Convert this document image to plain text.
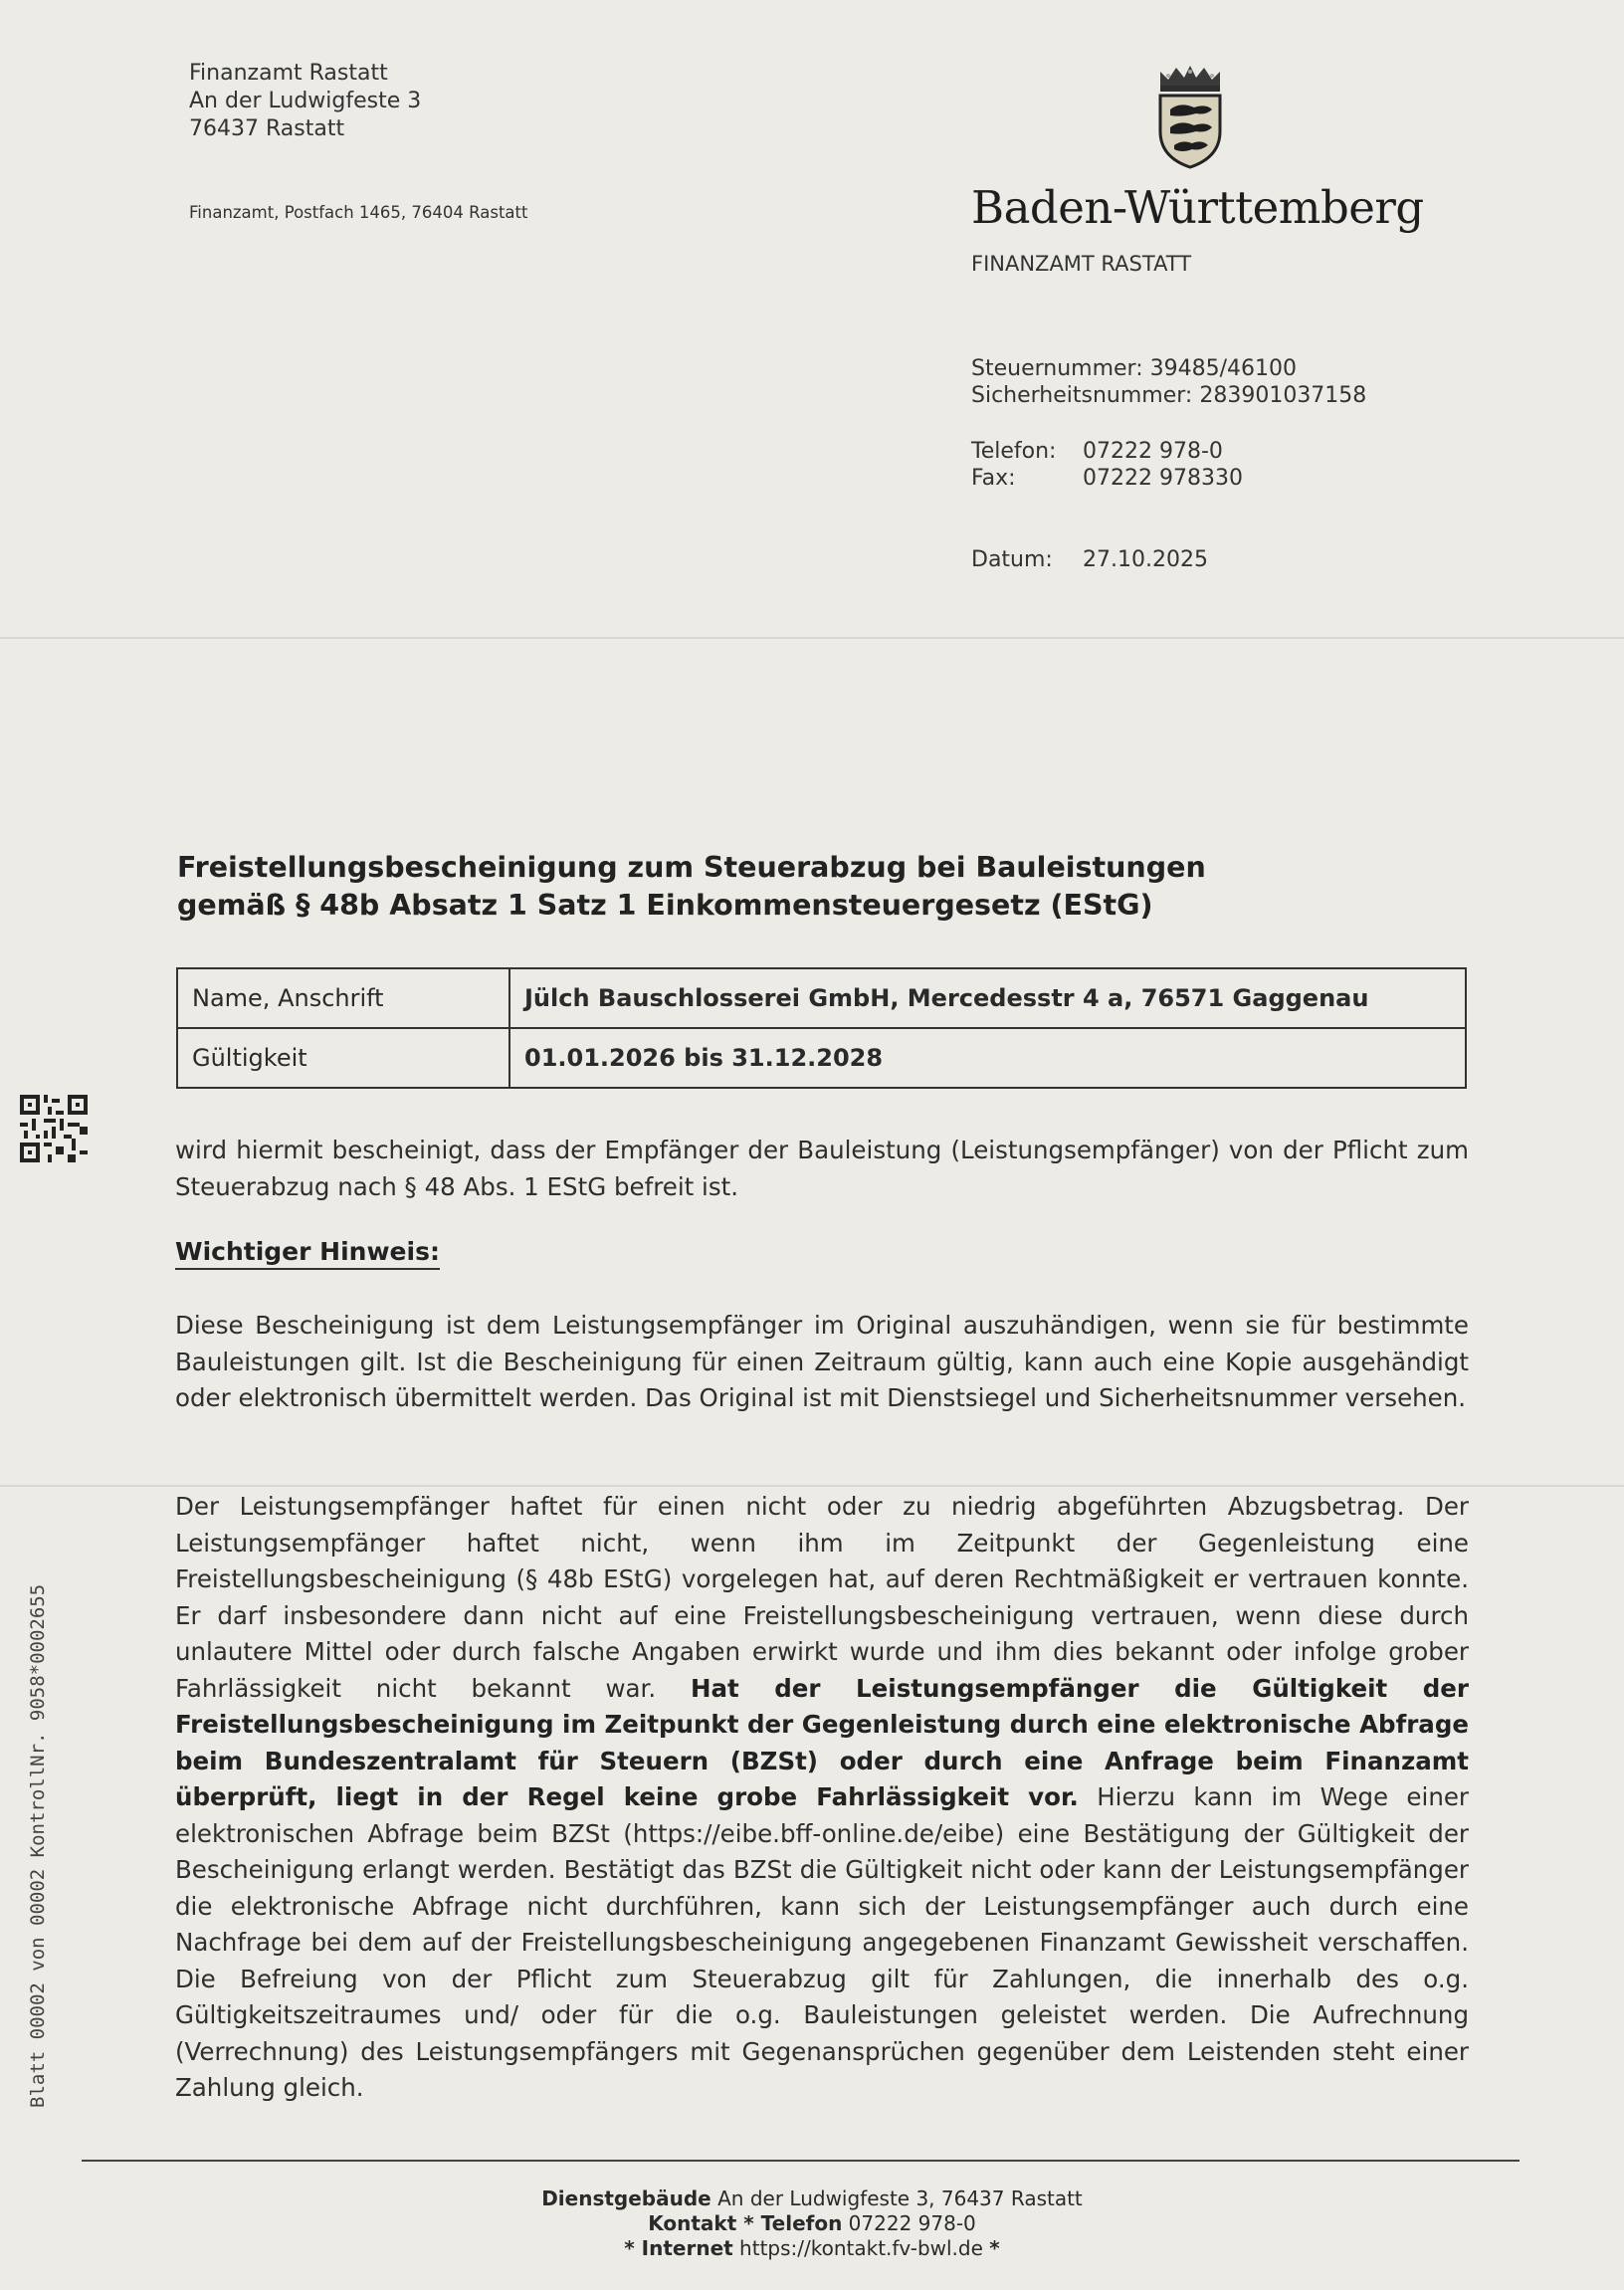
Finanzamt Rastatt
An der Ludwigfeste 3
76437 Rastatt
Finanzamt, Postfach 1465, 76404 Rastatt	Baden-Württemberg
FINANZAMT RASTATT
Steuernummer: 39485/46100
Sicherheitsnummer: 283901037158
Telefon: 07222 978-0
Fax:	07222 978330
Datum: 27.10.2025
Freistellungsbescheinigung zum Steuerabzug bei Bauleistungen
gemäß § 48b Absatz 1 Satz 1 Einkommensteuergesetz (EStG)
Name, Anschrift	Jülch Bauschlosserei GmbH, Mercedesstr 4 a, 76571 Gaggenau
Gültigkeit	01.01.2026 bis 31.12.2028
wird hiermit bescheinigt, dass der Empfänger der Bauleistung (Leistungsempfänger) von der Pflicht zum Steuerabzug nach § 48 Abs. 1 EStG befreit ist.
Wichtiger Hinweis:
Diese Bescheinigung ist dem Leistungsempfänger im Original auszuhändigen, wenn sie für bestimmte Bauleistungen gilt. Ist die Bescheinigung für einen Zeitraum gültig, kann auch eine Kopie ausgehändigt oder elektronisch übermittelt werden. Das Original ist mit Dienstsiegel und Sicherheitsnummer versehen.
Der Leistungsempfänger haftet für einen nicht oder zu niedrig abgeführten Abzugsbetrag. Der Leistungsempfänger haftet nicht, wenn ihm im Zeitpunkt der Gegenleistung eine Freistellungsbescheinigung (§ 48b EStG) vorgelegen hat, auf deren Rechtmäßigkeit er vertrauen konnte. Er darf insbesondere dann nicht auf eine Freistellungsbescheinigung vertrauen, wenn diese durch unlautere Mittel oder durch falsche Angaben erwirkt wurde und ihm dies bekannt oder infolge grober Fahrlässigkeit nicht bekannt war. Hat der Leistungsempfänger die Gültigkeit der Freistellungsbescheinigung im Zeitpunkt der Gegenleistung durch eine elektronische Abfrage beim Bundeszentralamt für Steuern (BZSt) oder durch eine Anfrage beim Finanzamt überprüft, liegt in der Regel keine grobe Fahrlässigkeit vor. Hierzu kann im Wege einer elektronischen Abfrage beim BZSt (https://eibe.bff-online.de/eibe) eine Bestätigung der Gültigkeit der Bescheinigung erlangt werden. Bestätigt das BZSt die Gültigkeit nicht oder kann der Leistungsempfänger die elektronische Abfrage nicht durchführen, kann sich der Leistungsempfänger auch durch eine Nachfrage bei dem auf der Freistellungsbescheinigung angegebenen Finanzamt Gewissheit verschaffen. Die Befreiung von der Pflicht zum Steuerabzug gilt für Zahlungen, die innerhalb des o.g. Gültigkeitszeitraumes und/ oder für die o.g. Bauleistungen geleistet werden. Die Aufrechnung (Verrechnung) des Leistungsempfängers mit Gegenansprüchen gegenüber dem Leistenden steht einer Zahlung gleich.
Blatt 00002 von 00002 KontrollNr. 9058*0002655
Dienstgebäude An der Ludwigfeste 3, 76437 Rastatt
Kontakt * Telefon 07222 978-0
* Internet https://kontakt.fv-bwl.de *
